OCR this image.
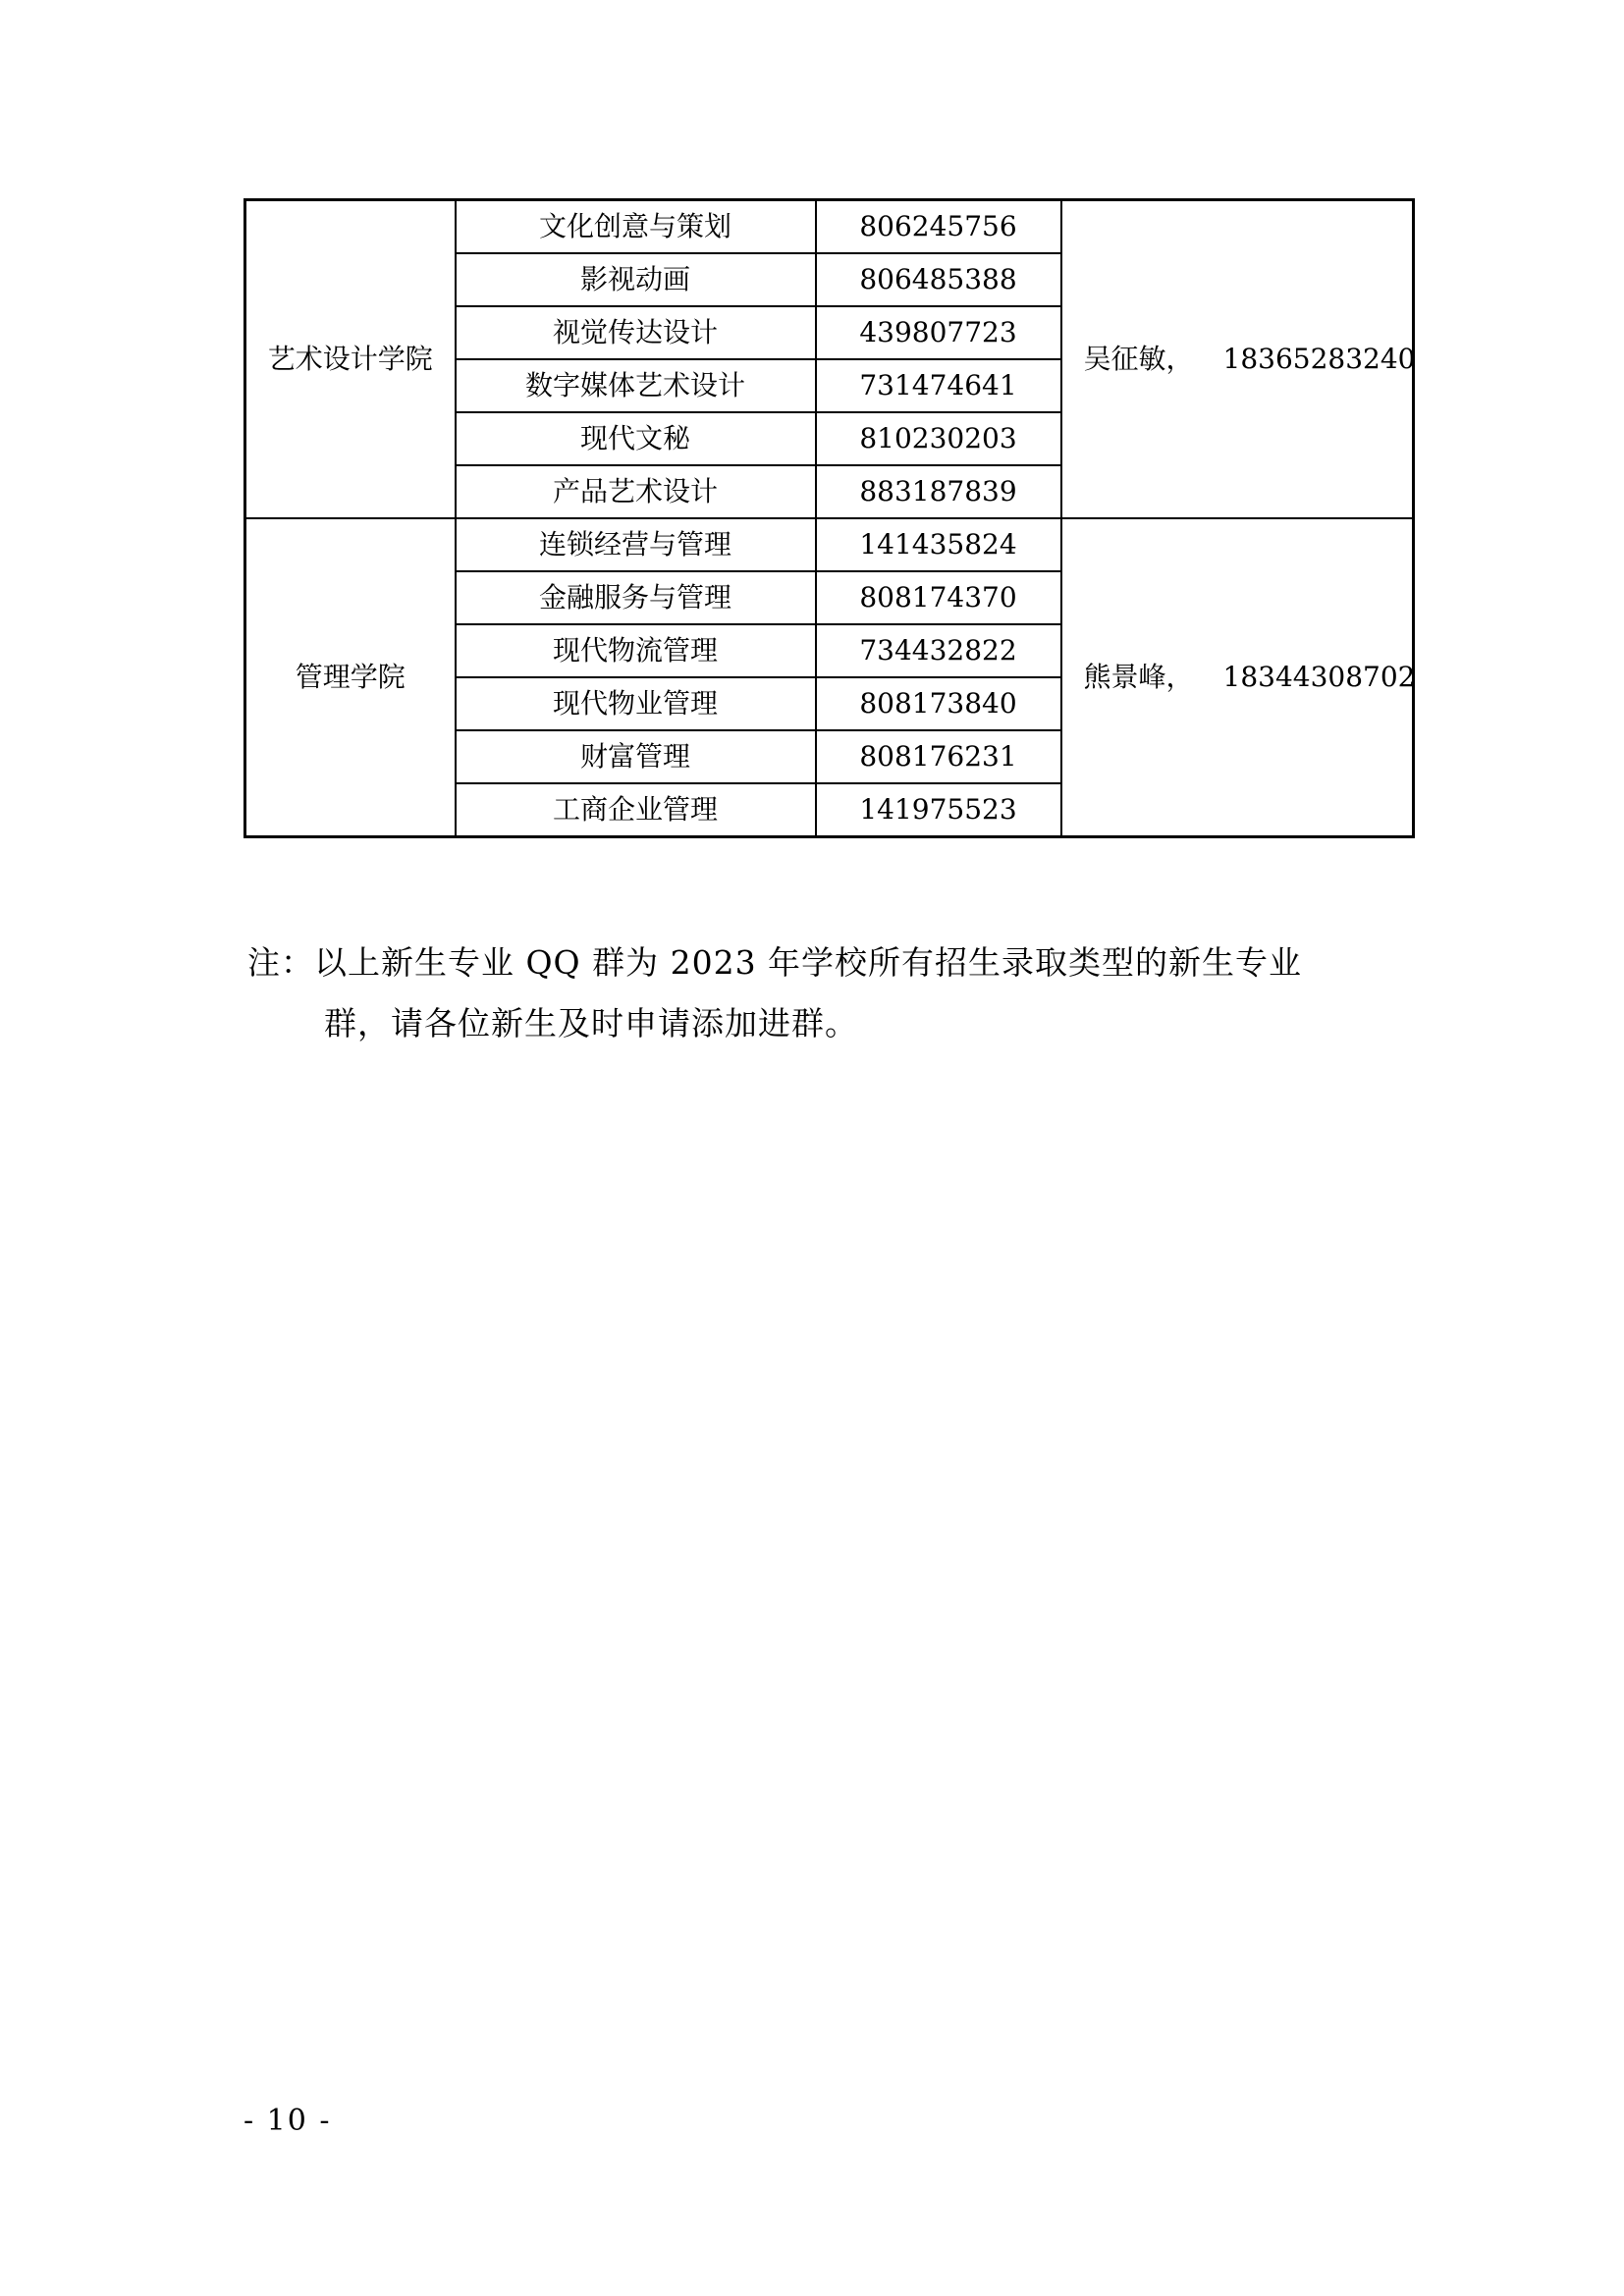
艺术设计学院	文化创意与策划	806245756	吴征敏， 18365283240
	影视动画	806485388	
	视觉传达设计	439807723	
	数字媒体艺术设计	731474641	
	现代文秘	810230203	
	产品艺术设计	883187839	
管理学院	连锁经营与管理	141435824	熊景峰， 18344308702
	金融服务与管理	808174370	
	现代物流管理	734432822	
	现代物业管理	808173840	
	财富管理	808176231	
	工商企业管理	141975523	
注：以上新生专业 QQ 群为 2023 年学校所有招生录取类型的新生专业
群，请各位新生及时申请添加进群。
- 10 -
